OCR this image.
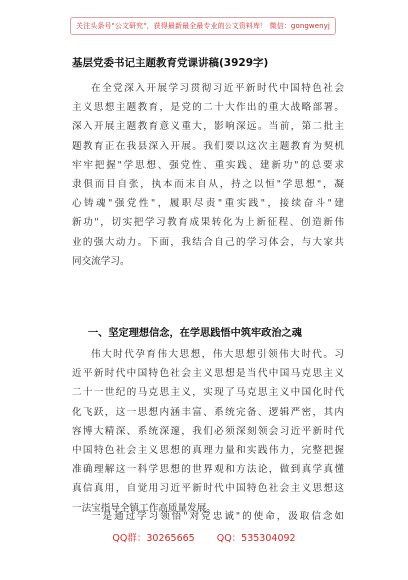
关注头条号"公文研究"，获得最新最全最专业的公文资料库！ 微信：gongwenyj
基层党委书记主题教育党课讲稿(3929字)
在全党深入开展学习贯彻习近平新时代中国特色社会
主义思想主题教育，是党的二十大作出的重大战略部署。
深入开展主题教育意义重大，影响深远。当前，第二批主
题教育正在我县深入开展。我们要以这次主题教育为契机
牢牢把握"学思想、强党性、重实践、建新功"的总要求
隶俱而目自张，执本而末自从，持之以恒"学思想"，凝
心铸魂"强党性"，履职尽责"重实践"，接续奋斗"建
新功"，切实把学习教育成果转化为上新征程、创造新伟
业的强大动力。下面，我结合自己的学习体会，与大家共
同交流学习。
一、坚定理想信念，在学思践悟中筑牢政治之魂
伟大时代孕育伟大思想，伟大思想引领伟大时代。习
近平新时代中国特色社会主义思想是当代中国马克思主义
二十一世纪的马克思主义，实现了马克思主义中国化时代
化飞跃，这一思想内涵丰富、系统完备、逻辑严密，其内
容博大精深、系统深邃，我们必须深刻领会习近平新时代
中国特色社会主义思想的真理力量和实践伟力，完整把握
准确理解这一科学思想的世界观和方法论，做到真学真懂
真信真用，自觉用习近平新时代中国特色社会主义思想这
一法宝指导全镇工作高质量发展。
一是通过学习领悟"对党忠诚"的使命，汲取信念如
QQ群：30265665 QQ：535304092
